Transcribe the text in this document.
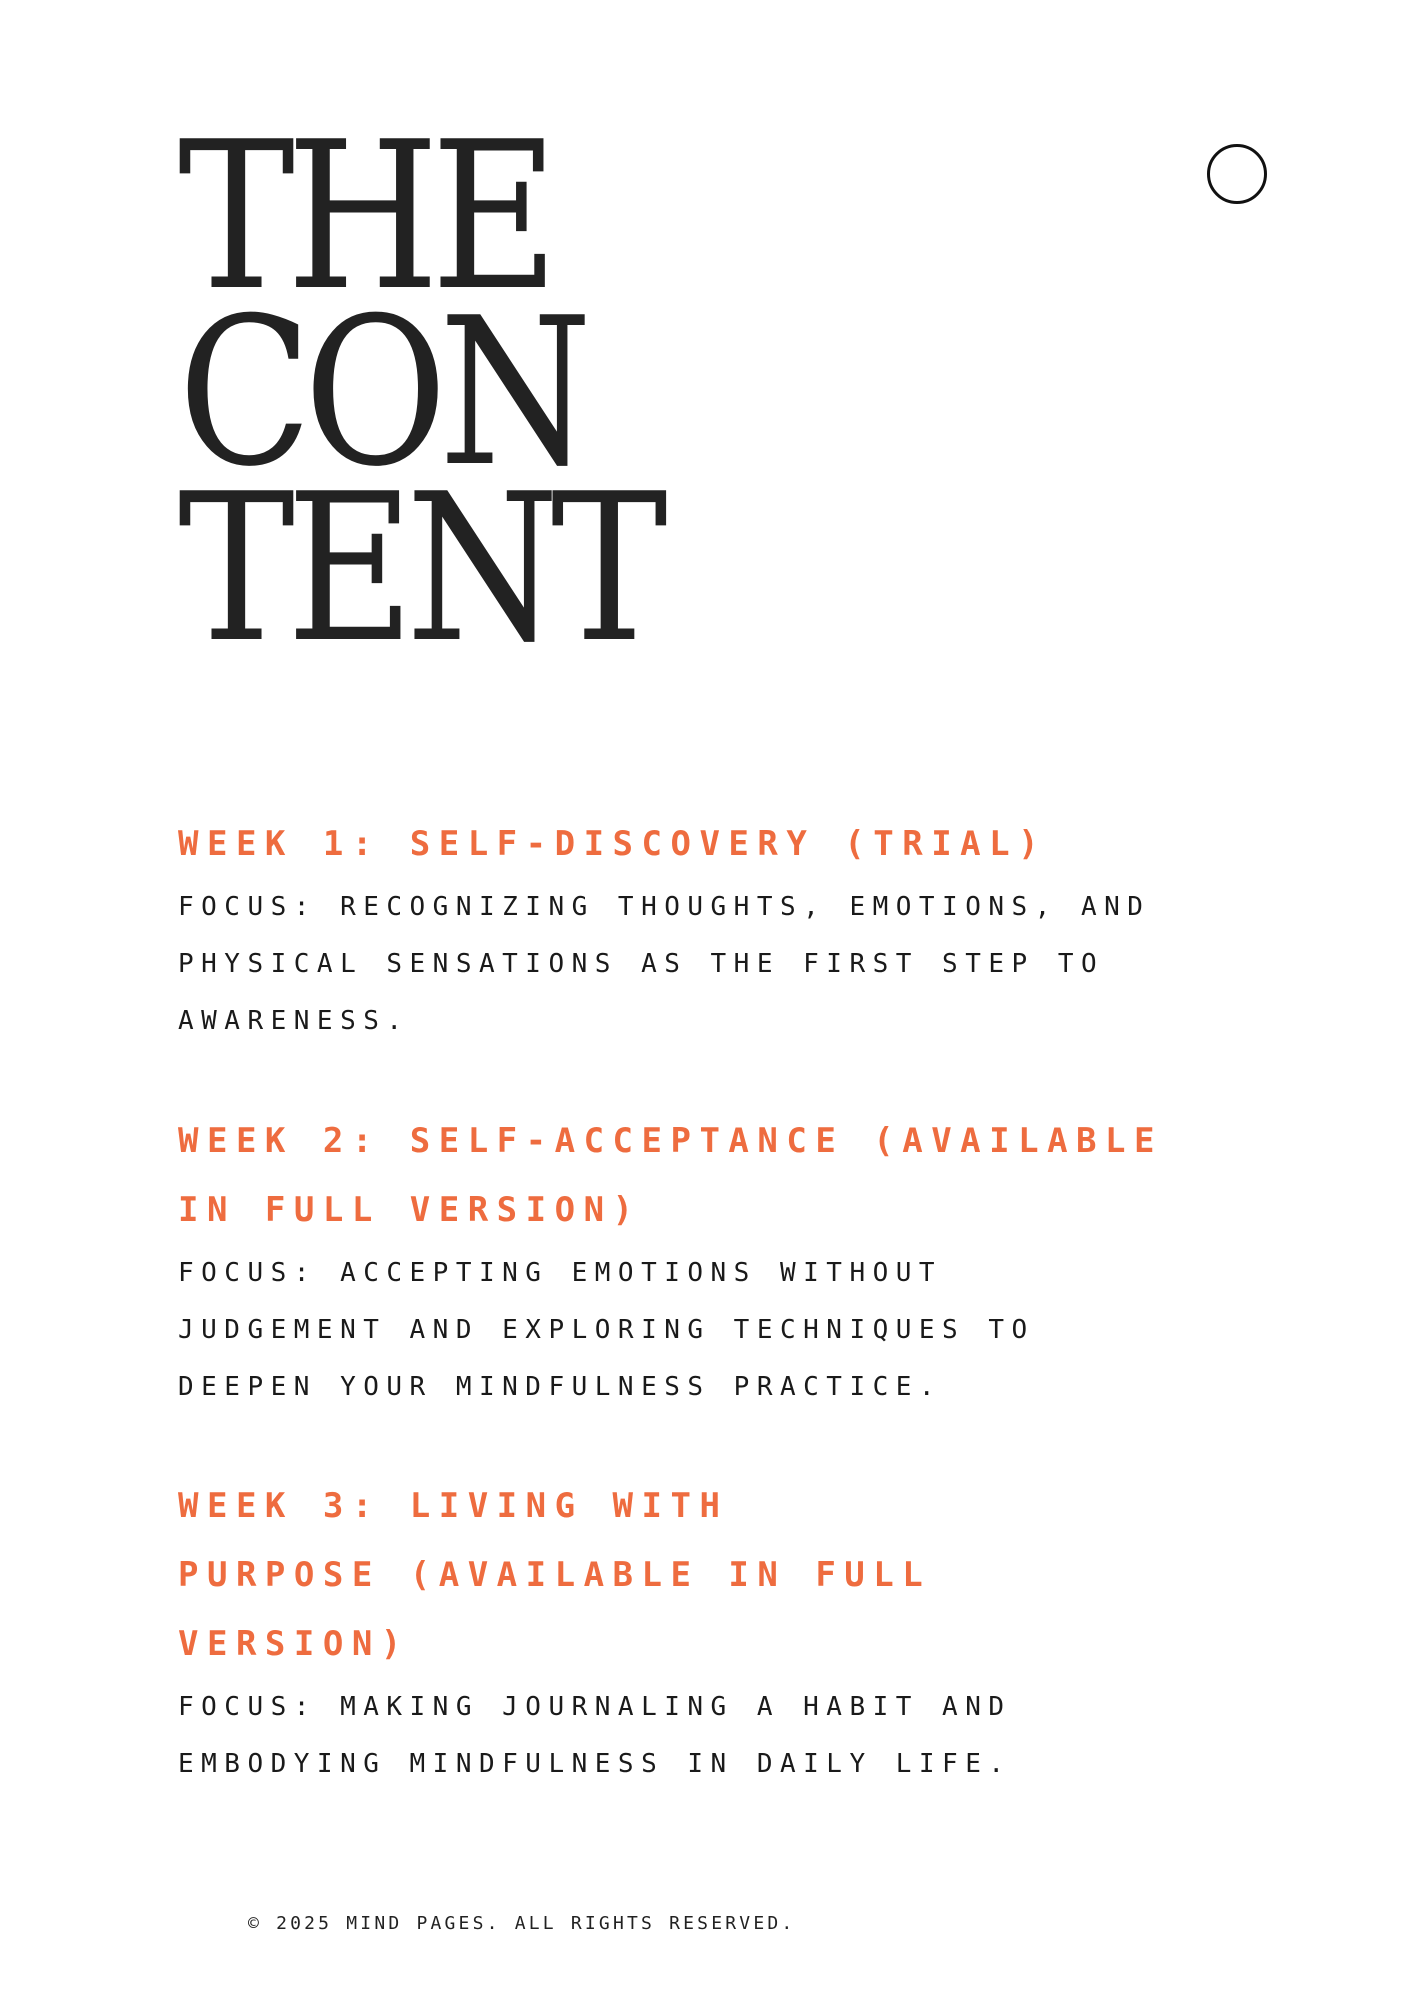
THE
CON
TENT
WEEK 1: SELF-DISCOVERY (TRIAL)

FOCUS: RECOGNIZING THOUGHTS, EMOTIONS, AND PHYSICAL SENSATIONS AS THE FIRST STEP TO AWARENESS.

WEEK 2: SELF-ACCEPTANCE (AVAILABLE IN FULL VERSION)

FOCUS: ACCEPTING EMOTIONS WITHOUT JUDGEMENT AND EXPLORING TECHNIQUES TO DEEPEN YOUR MINDFULNESS PRACTICE.

WEEK 3: LIVING WITH PURPOSE (AVAILABLE IN FULL VERSION)

FOCUS: MAKING JOURNALING A HABIT AND EMBODYING MINDFULNESS IN DAILY LIFE.

© 2025 MIND PAGES. ALL RIGHTS RESERVED.
